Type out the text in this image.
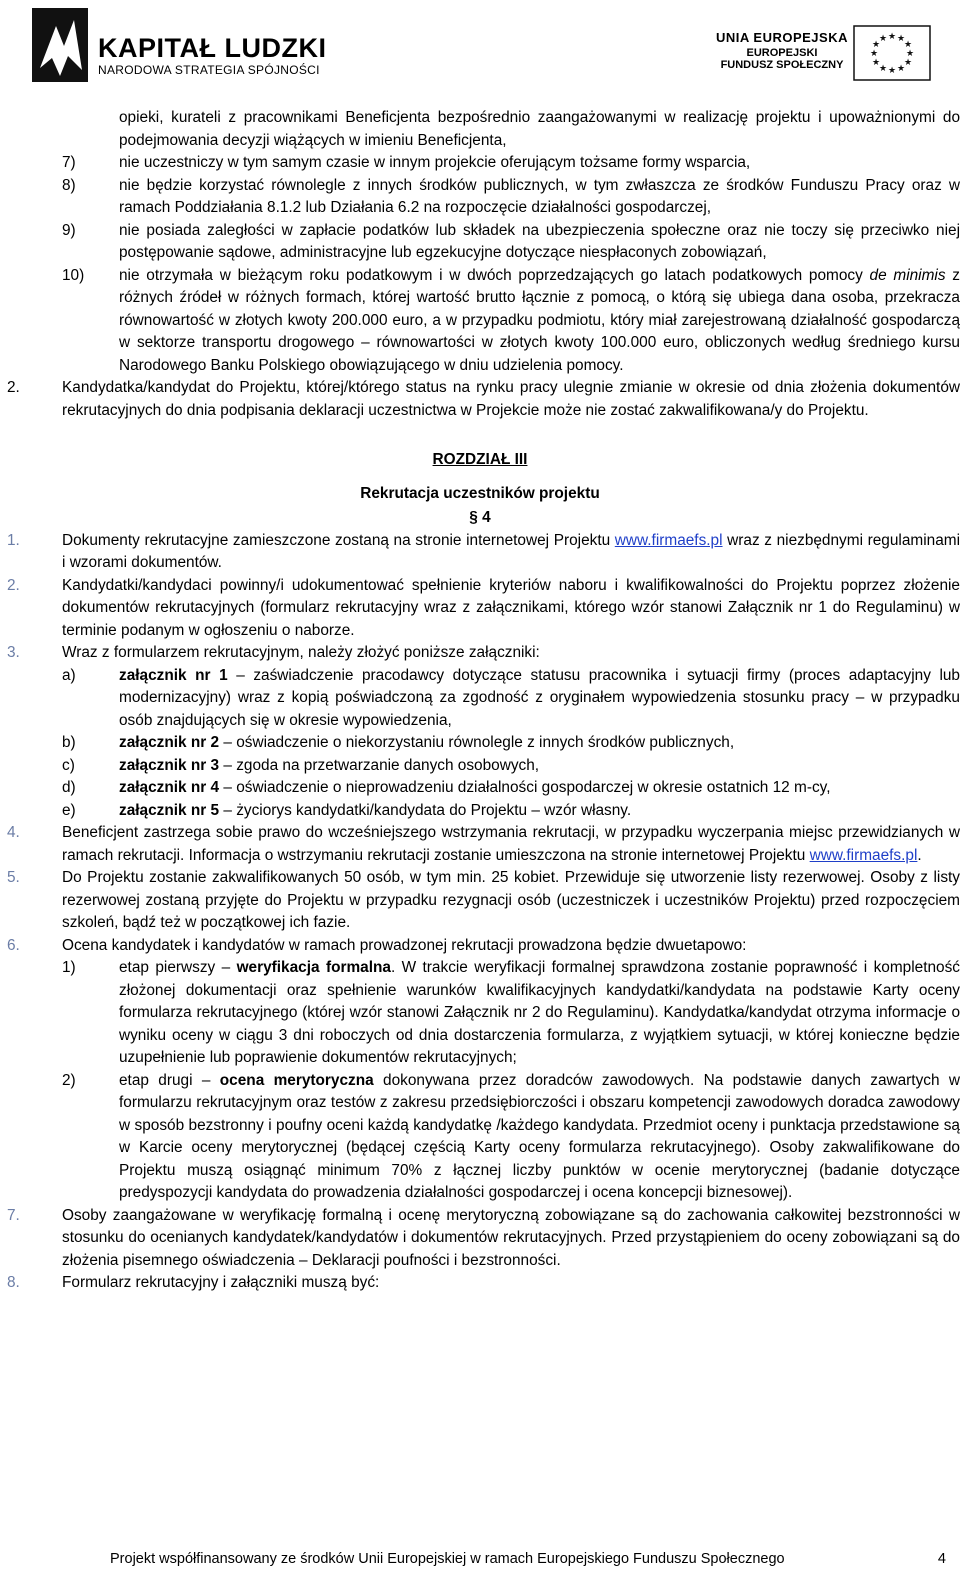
KAPITAŁ LUDZKI
NARODOWA STRATEGIA SPÓJNOŚCI
UNIA EUROPEJSKA
EUROPEJSKI
FUNDUSZ SPOŁECZNY
★ ★
★
★
★
★
★
★
★
★
★
★
opieki, kurateli z pracownikami Beneficjenta bezpośrednio zaangażowanymi w realizację projektu i upoważnionymi do podejmowania decyzji wiążących w imieniu Beneficjenta,
7)	nie uczestniczy w tym samym czasie w innym projekcie oferującym tożsame formy wsparcia,
8)	nie będzie korzystać równolegle z innych środków publicznych, w tym zwłaszcza ze środków Funduszu Pracy oraz w ramach Poddziałania 8.1.2 lub Działania 6.2 na rozpoczęcie działalności gospodarczej,
9)	nie posiada zaległości w zapłacie podatków lub składek na ubezpieczenia społeczne oraz nie toczy się przeciwko niej postępowanie sądowe, administracyjne lub egzekucyjne dotyczące niespłaconych zobowiązań,
10) nie otrzymała w bieżącym roku podatkowym i w dwóch poprzedzających go latach podatkowych pomocy de minimis z różnych źródeł w różnych formach, której wartość brutto łącznie z pomocą, o którą się ubiega dana osoba, przekracza równowartość w złotych kwoty 200.000 euro, a w przypadku podmiotu, który miał zarejestrowaną działalność gospodarczą w sektorze transportu drogowego – równowartości w złotych kwoty 100.000 euro, obliczonych według średniego kursu Narodowego Banku Polskiego obowiązującego w dniu udzielenia pomocy.
2.	Kandydatka/kandydat do Projektu, której/którego status na rynku pracy ulegnie zmianie w okresie od dnia złożenia dokumentów rekrutacyjnych do dnia podpisania deklaracji uczestnictwa w Projekcie może nie zostać zakwalifikowana/y do Projektu.
ROZDZIAŁ III
Rekrutacja uczestników projektu
§ 4
1.	Dokumenty rekrutacyjne zamieszczone zostaną na stronie internetowej Projektu www.firmaefs.pl wraz z niezbędnymi regulaminami i wzorami dokumentów.
2.	Kandydatki/kandydaci powinny/i udokumentować spełnienie kryteriów naboru i kwalifikowalności do Projektu poprzez złożenie dokumentów rekrutacyjnych (formularz rekrutacyjny wraz z załącznikami, którego wzór stanowi Załącznik nr 1 do Regulaminu) w terminie podanym w ogłoszeniu o naborze.
3.	Wraz z formularzem rekrutacyjnym, należy złożyć poniższe załączniki:
a)	załącznik nr 1 – zaświadczenie pracodawcy dotyczące statusu pracownika i sytuacji firmy (proces adaptacyjny lub modernizacyjny) wraz z kopią poświadczoną za zgodność z oryginałem wypowiedzenia stosunku pracy – w przypadku osób znajdujących się w okresie wypowiedzenia,
b)	załącznik nr 2 – oświadczenie o niekorzystaniu równolegle z innych środków publicznych,
c)	załącznik nr 3 – zgoda na przetwarzanie danych osobowych,
d)	załącznik nr 4 – oświadczenie o nieprowadzeniu działalności gospodarczej w okresie ostatnich 12 m-cy,
e)	załącznik nr 5 – życiorys kandydatki/kandydata do Projektu – wzór własny.
4.	Beneficjent zastrzega sobie prawo do wcześniejszego wstrzymania rekrutacji, w przypadku wyczerpania miejsc przewidzianych w ramach rekrutacji. Informacja o wstrzymaniu rekrutacji zostanie umieszczona na stronie internetowej Projektu www.firmaefs.pl.
5.	Do Projektu zostanie zakwalifikowanych 50 osób, w tym min. 25 kobiet. Przewiduje się utworzenie listy rezerwowej. Osoby z listy rezerwowej zostaną przyjęte do Projektu w przypadku rezygnacji osób (uczestniczek i uczestników Projektu) przed rozpoczęciem szkoleń, bądź też w początkowej ich fazie.
6.	Ocena kandydatek i kandydatów w ramach prowadzonej rekrutacji prowadzona będzie dwuetapowo:
1)	etap pierwszy – weryfikacja formalna. W trakcie weryfikacji formalnej sprawdzona zostanie poprawność i kompletność złożonej dokumentacji oraz spełnienie warunków kwalifikacyjnych kandydatki/kandydata na podstawie Karty oceny formularza rekrutacyjnego (której wzór stanowi Załącznik nr 2 do Regulaminu). Kandydatka/kandydat otrzyma informacje o wyniku oceny w ciągu 3 dni roboczych od dnia dostarczenia formularza, z wyjątkiem sytuacji, w której konieczne będzie uzupełnienie lub poprawienie dokumentów rekrutacyjnych;
2)	etap drugi – ocena merytoryczna dokonywana przez doradców zawodowych. Na podstawie danych zawartych w formularzu rekrutacyjnym oraz testów z zakresu przedsiębiorczości i obszaru kompetencji zawodowych doradca zawodowy w sposób bezstronny i poufny oceni każdą kandydatkę /każdego kandydata. Przedmiot oceny i punktacja przedstawione są w Karcie oceny merytorycznej (będącej częścią Karty oceny formularza rekrutacyjnego). Osoby zakwalifikowane do Projektu muszą osiągnąć minimum 70% z łącznej liczby punktów w ocenie merytorycznej (badanie dotyczące predyspozycji kandydata do prowadzenia działalności gospodarczej i ocena koncepcji biznesowej).
7.	Osoby zaangażowane w weryfikację formalną i ocenę merytoryczną zobowiązane są do zachowania całkowitej bezstronności w stosunku do ocenianych kandydatek/kandydatów i dokumentów rekrutacyjnych. Przed przystąpieniem do oceny zobowiązani są do złożenia pisemnego oświadczenia – Deklaracji poufności i bezstronności.
8.	Formularz rekrutacyjny i załączniki muszą być:
Projekt współfinansowany ze środków Unii Europejskiej w ramach Europejskiego Funduszu Społecznego	4
